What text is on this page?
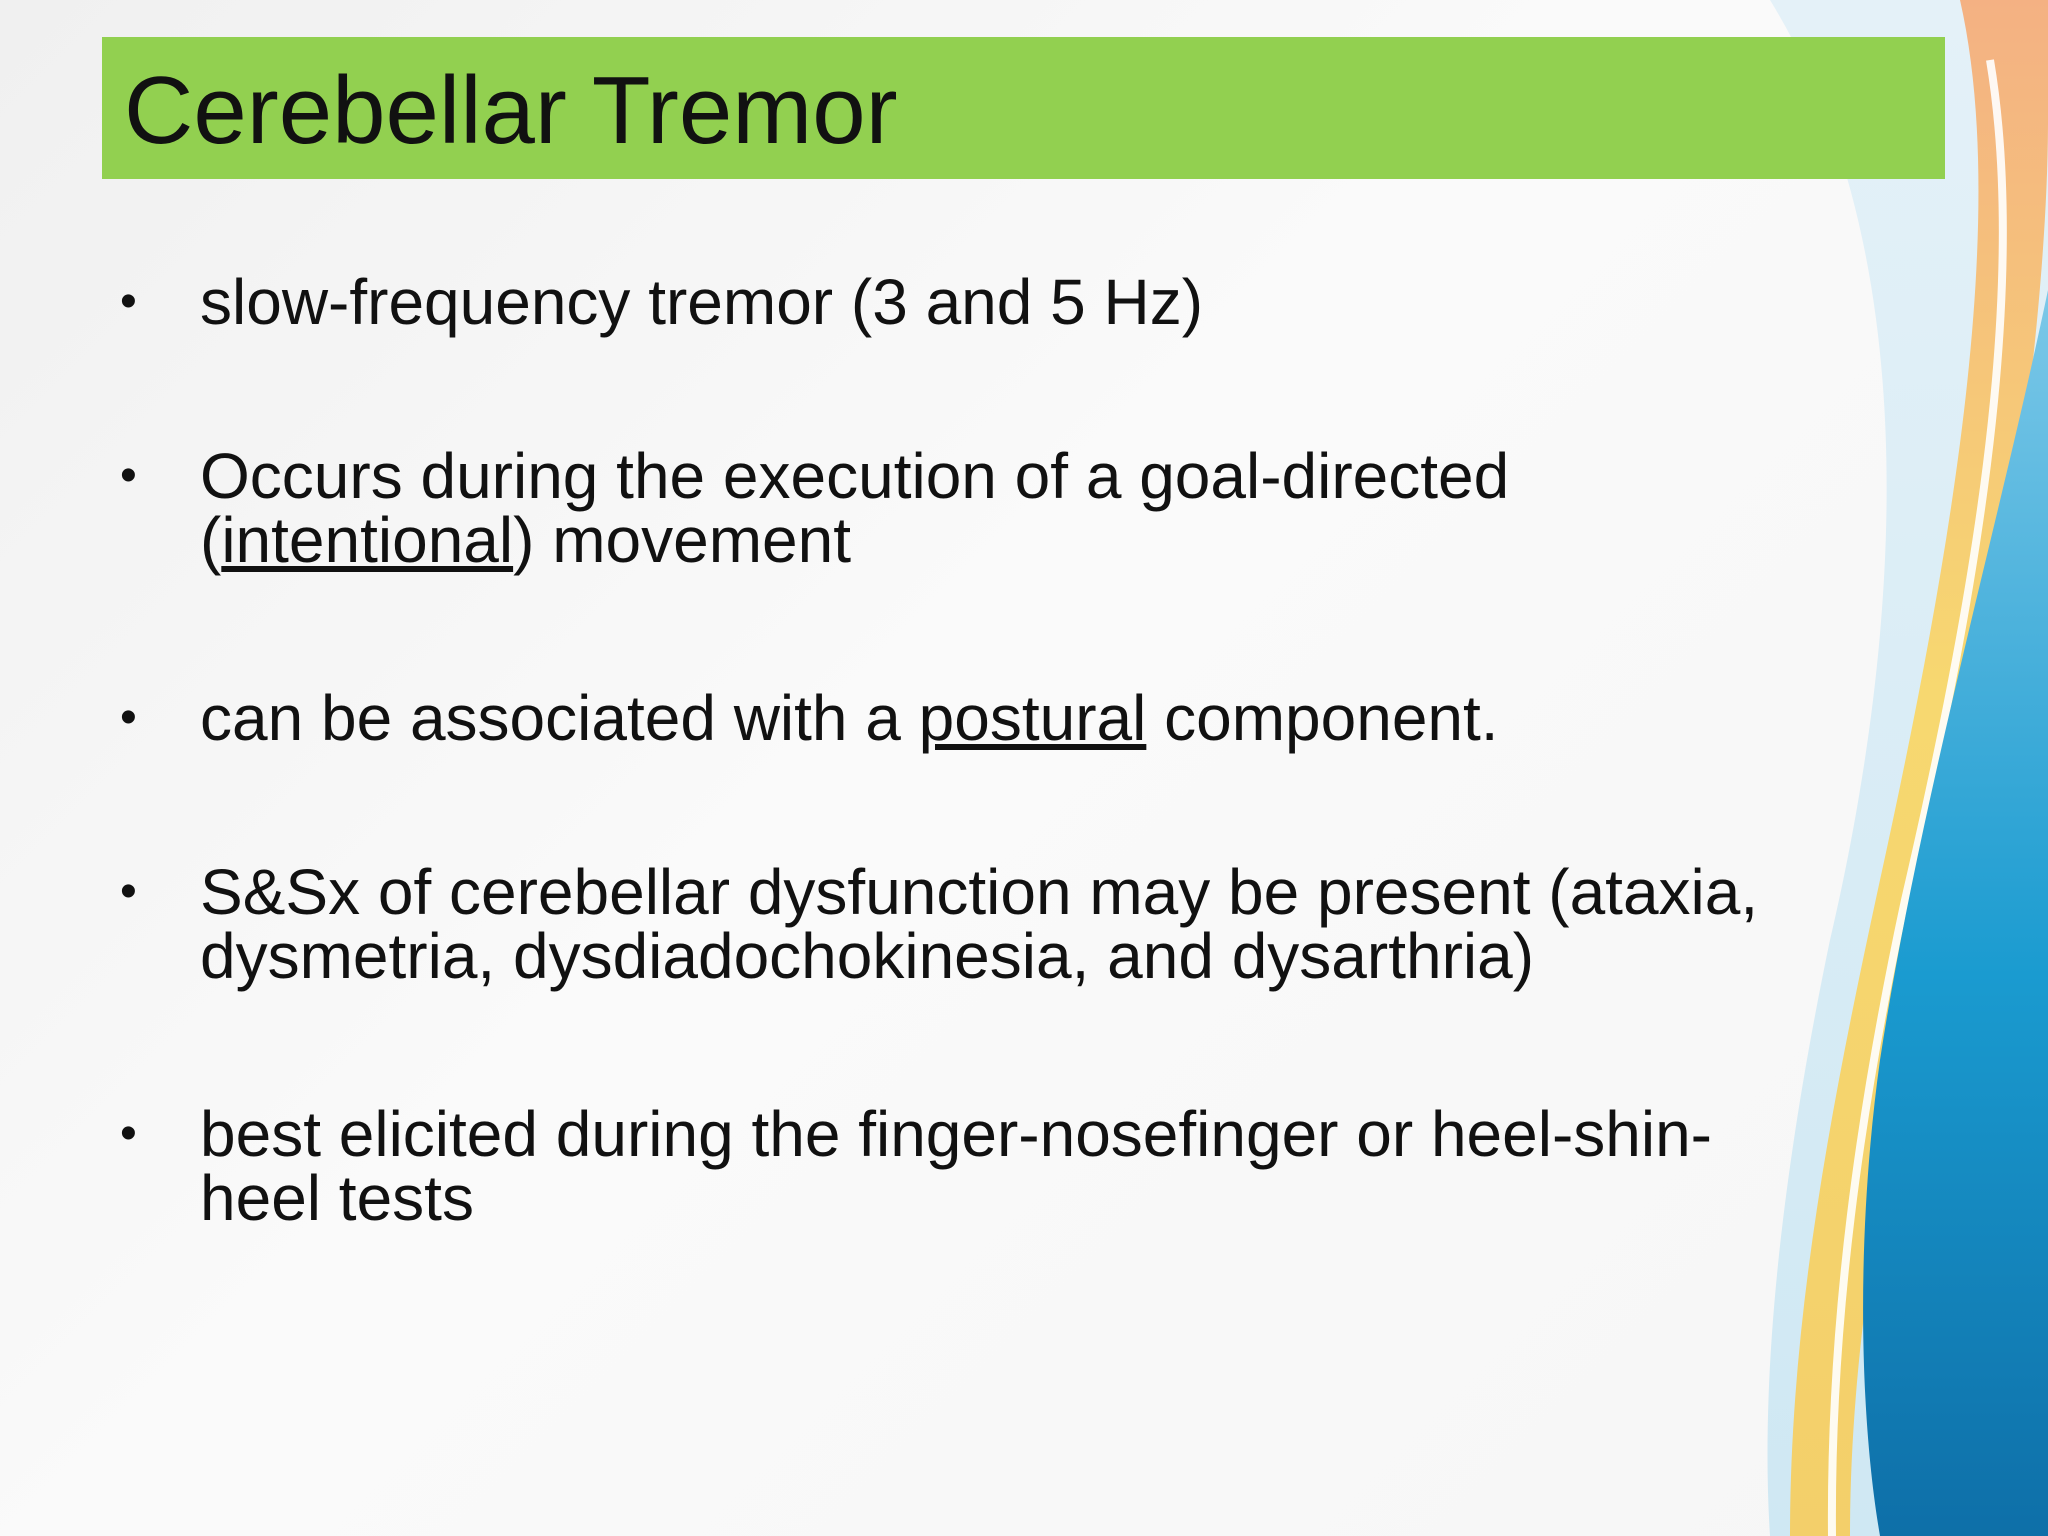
Cerebellar Tremor
• slow-frequency tremor (3 and 5 Hz)
• Occurs during the execution of a goal-directed
(intentional) movement
• can be associated with a postural component.
• S&Sx of cerebellar dysfunction may be present (ataxia,
dysmetria, dysdiadochokinesia, and dysarthria)
• best elicited during the finger-nosefinger or heel-shin-
heel tests
